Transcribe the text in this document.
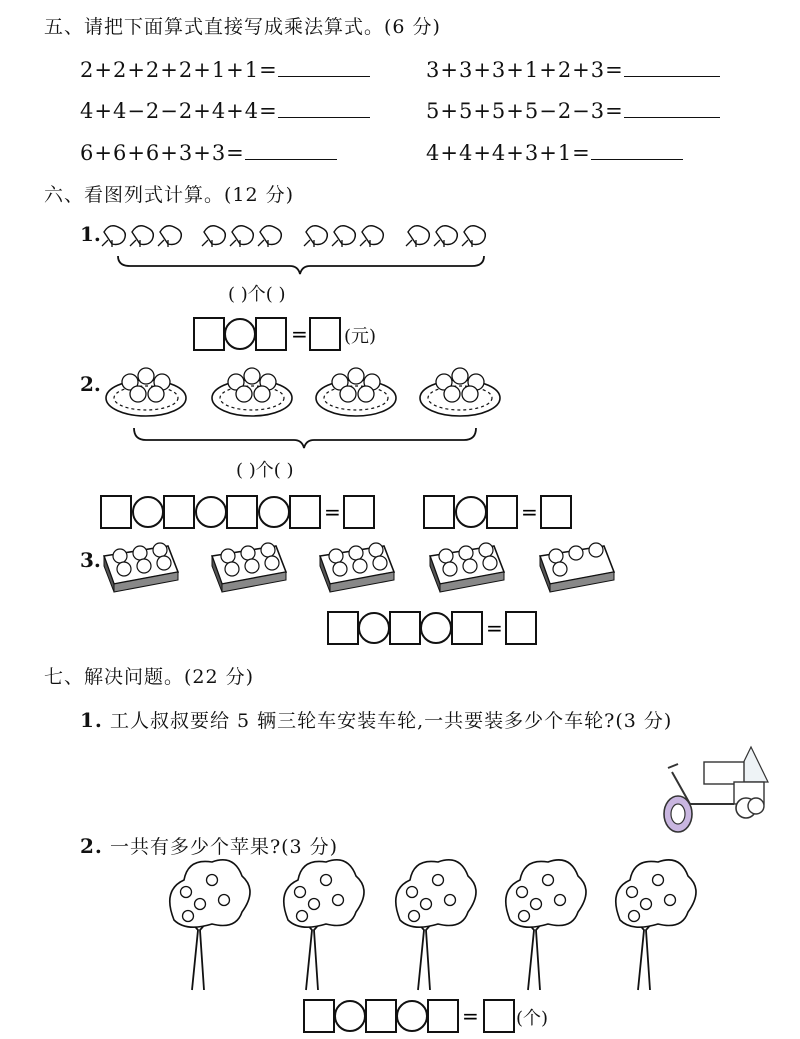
五、请把下面算式直接写成乘法算式。(6 分)
2+2+2+2+1+1=	3+3+3+1+2+3=
4+4−2−2+4+4=	5+5+5+5−2−3=
6+6+6+3+3=	4+4+4+3+1=
六、看图列式计算。(12 分)
1.
( )个( )
= (元)
2.
( )个( )
=	=
3.
=
七、解决问题。(22 分)
1. 工人叔叔要给 5 辆三轮车安装车轮,一共要装多少个车轮?(3 分)
2. 一共有多少个苹果?(3 分)
= (个)
